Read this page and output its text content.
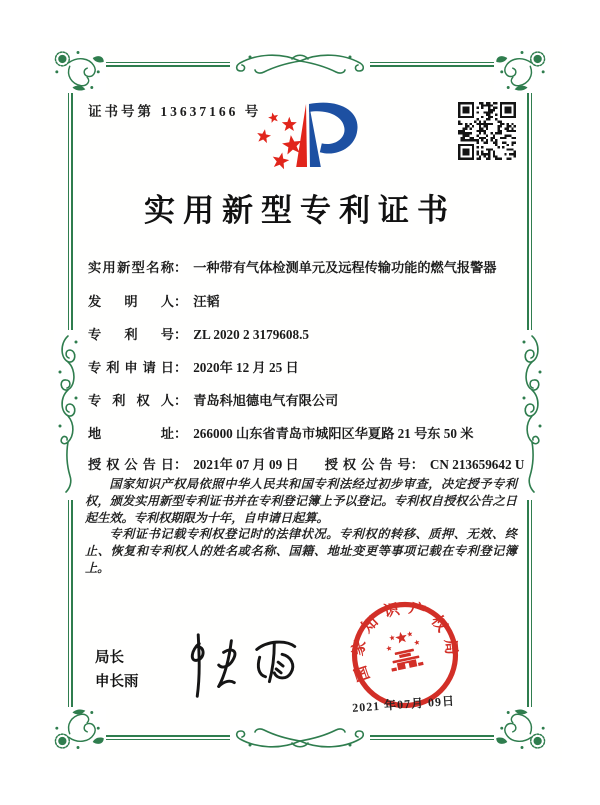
证书号第 13637166 号
实用新型专利证书
实用新型名称 ： 一种带有气体检测单元及远程传输功能的燃气报警器
发明人 ： 汪韬
专利号 ： ZL 2020 2 3179608.5
专利申请日 ： 2020年 12 月 25 日
专利权人 ： 青岛科旭德电气有限公司
地址 ： 266000 山东省青岛市城阳区华夏路 21 号东 50 米
授权公告日 ： 2021年 07 月 09 日 授权公告号 ： CN 213659642 U

国家知识产权局依照中华人民共和国专利法经过初步审查，决定授予专利权，颁发实用新型专利证书并在专利登记簿上予以登记。专利权自授权公告之日起生效。专利权期限为十年，自申请日起算。

专利证书记载专利权登记时的法律状况。专利权的转移、质押、无效、终止、恢复和专利权人的姓名或名称、国籍、地址变更等事项记载在专利登记簿上。

局长
申长雨	国家知识产权局
2021 年07月 09日
